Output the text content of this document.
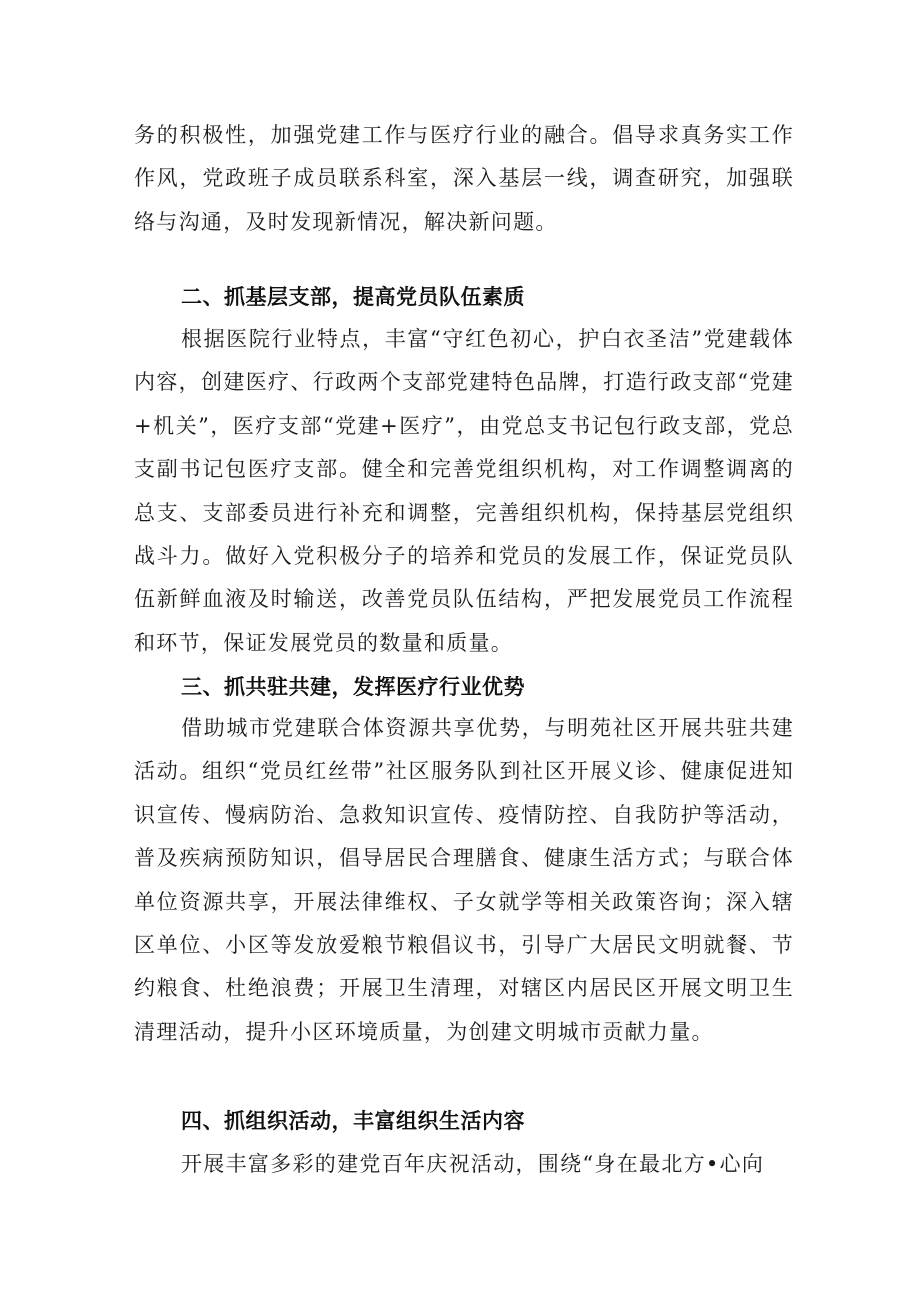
务的积极性，加强党建工作与医疗行业的融合。倡导求真务实工作作风，党政班子成员联系科室，深入基层一线，调查研究，加强联络与沟通，及时发现新情况，解决新问题。

二、抓基层支部，提高党员队伍素质

根据医院行业特点，丰富“守红色初心，护白衣圣洁”党建载体内容，创建医疗、行政两个支部党建特色品牌，打造行政支部“党建+机关”，医疗支部“党建+医疗”，由党总支书记包行政支部，党总支副书记包医疗支部。健全和完善党组织机构，对工作调整调离的总支、支部委员进行补充和调整，完善组织机构，保持基层党组织战斗力。做好入党积极分子的培养和党员的发展工作，保证党员队伍新鲜血液及时输送，改善党员队伍结构，严把发展党员工作流程和环节，保证发展党员的数量和质量。

三、抓共驻共建，发挥医疗行业优势

借助城市党建联合体资源共享优势，与明苑社区开展共驻共建活动。组织“党员红丝带”社区服务队到社区开展义诊、健康促进知识宣传、慢病防治、急救知识宣传、疫情防控、自我防护等活动，普及疾病预防知识，倡导居民合理膳食、健康生活方式；与联合体单位资源共享，开展法律维权、子女就学等相关政策咨询；深入辖区单位、小区等发放爱粮节粮倡议书，引导广大居民文明就餐、节约粮食、杜绝浪费；开展卫生清理，对辖区内居民区开展文明卫生清理活动，提升小区环境质量，为创建文明城市贡献力量。

四、抓组织活动，丰富组织生活内容

开展丰富多彩的建党百年庆祝活动，围绕“身在最北方•心向
